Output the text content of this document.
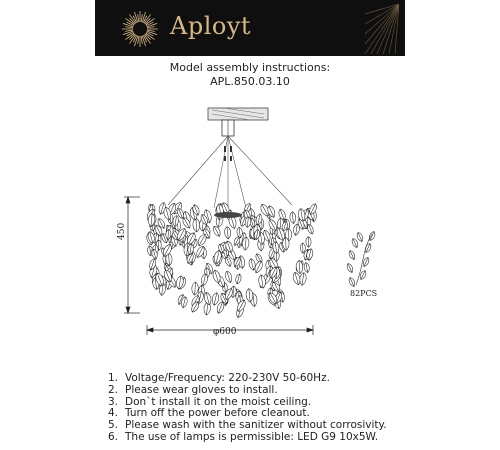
Aployt
Model assembly instructions:
APL.850.03.10
450
φ600
82PCS
1. Voltage/Frequency: 220-230V 50-60Hz.
2. Please wear gloves to install.
3. Don`t install it on the moist ceiling.
4. Turn off the power before cleanout.
5. Please wash with the sanitizer without corrosivity.
6. The use of lamps is permissible: LED G9 10x5W.
